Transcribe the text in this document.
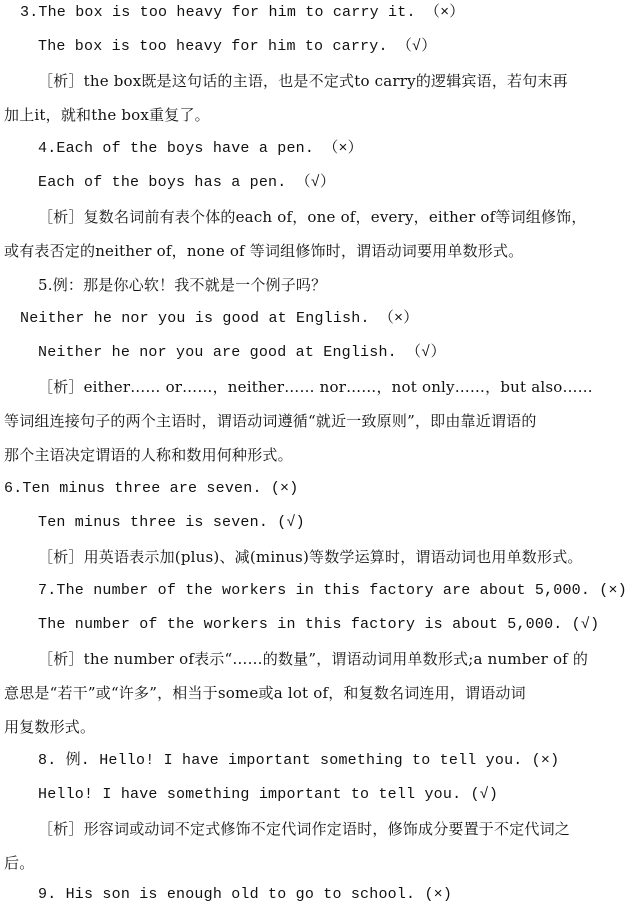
3.The box is too heavy for him to carry it. （×）
The box is too heavy for him to carry. （√）
［析］the box既是这句话的主语，也是不定式to carry的逻辑宾语，若句末再
加上it，就和the box重复了。
4.Each of the boys have a pen. （×）
Each of the boys has a pen. （√）
［析］复数名词前有表个体的each of，one of，every，either of等词组修饰，
或有表否定的neither of，none of 等词组修饰时，谓语动词要用单数形式。
5.例：那是你心软！我不就是一个例子吗？
Neither he nor you is good at English. （×）
Neither he nor you are good at English. （√）
［析］either…… or……，neither…… nor……，not only……，but also……
等词组连接句子的两个主语时，谓语动词遵循“就近一致原则”，即由靠近谓语的
那个主语决定谓语的人称和数用何种形式。
6.Ten minus three are seven. (×)
Ten minus three is seven. (√)
［析］用英语表示加(plus)、减(minus)等数学运算时，谓语动词也用单数形式。
7.The number of the workers in this factory are about 5,000. (×)
The number of the workers in this factory is about 5,000. (√)
［析］the number of表示“……的数量”，谓语动词用单数形式;a number of 的
意思是“若干”或“许多”，相当于some或a lot of，和复数名词连用，谓语动词
用复数形式。
8. 例. Hello! I have important something to tell you. (×)
Hello! I have something important to tell you. (√)
［析］形容词或动词不定式修饰不定代词作定语时，修饰成分要置于不定代词之
后。
9. His son is enough old to go to school. (×)
